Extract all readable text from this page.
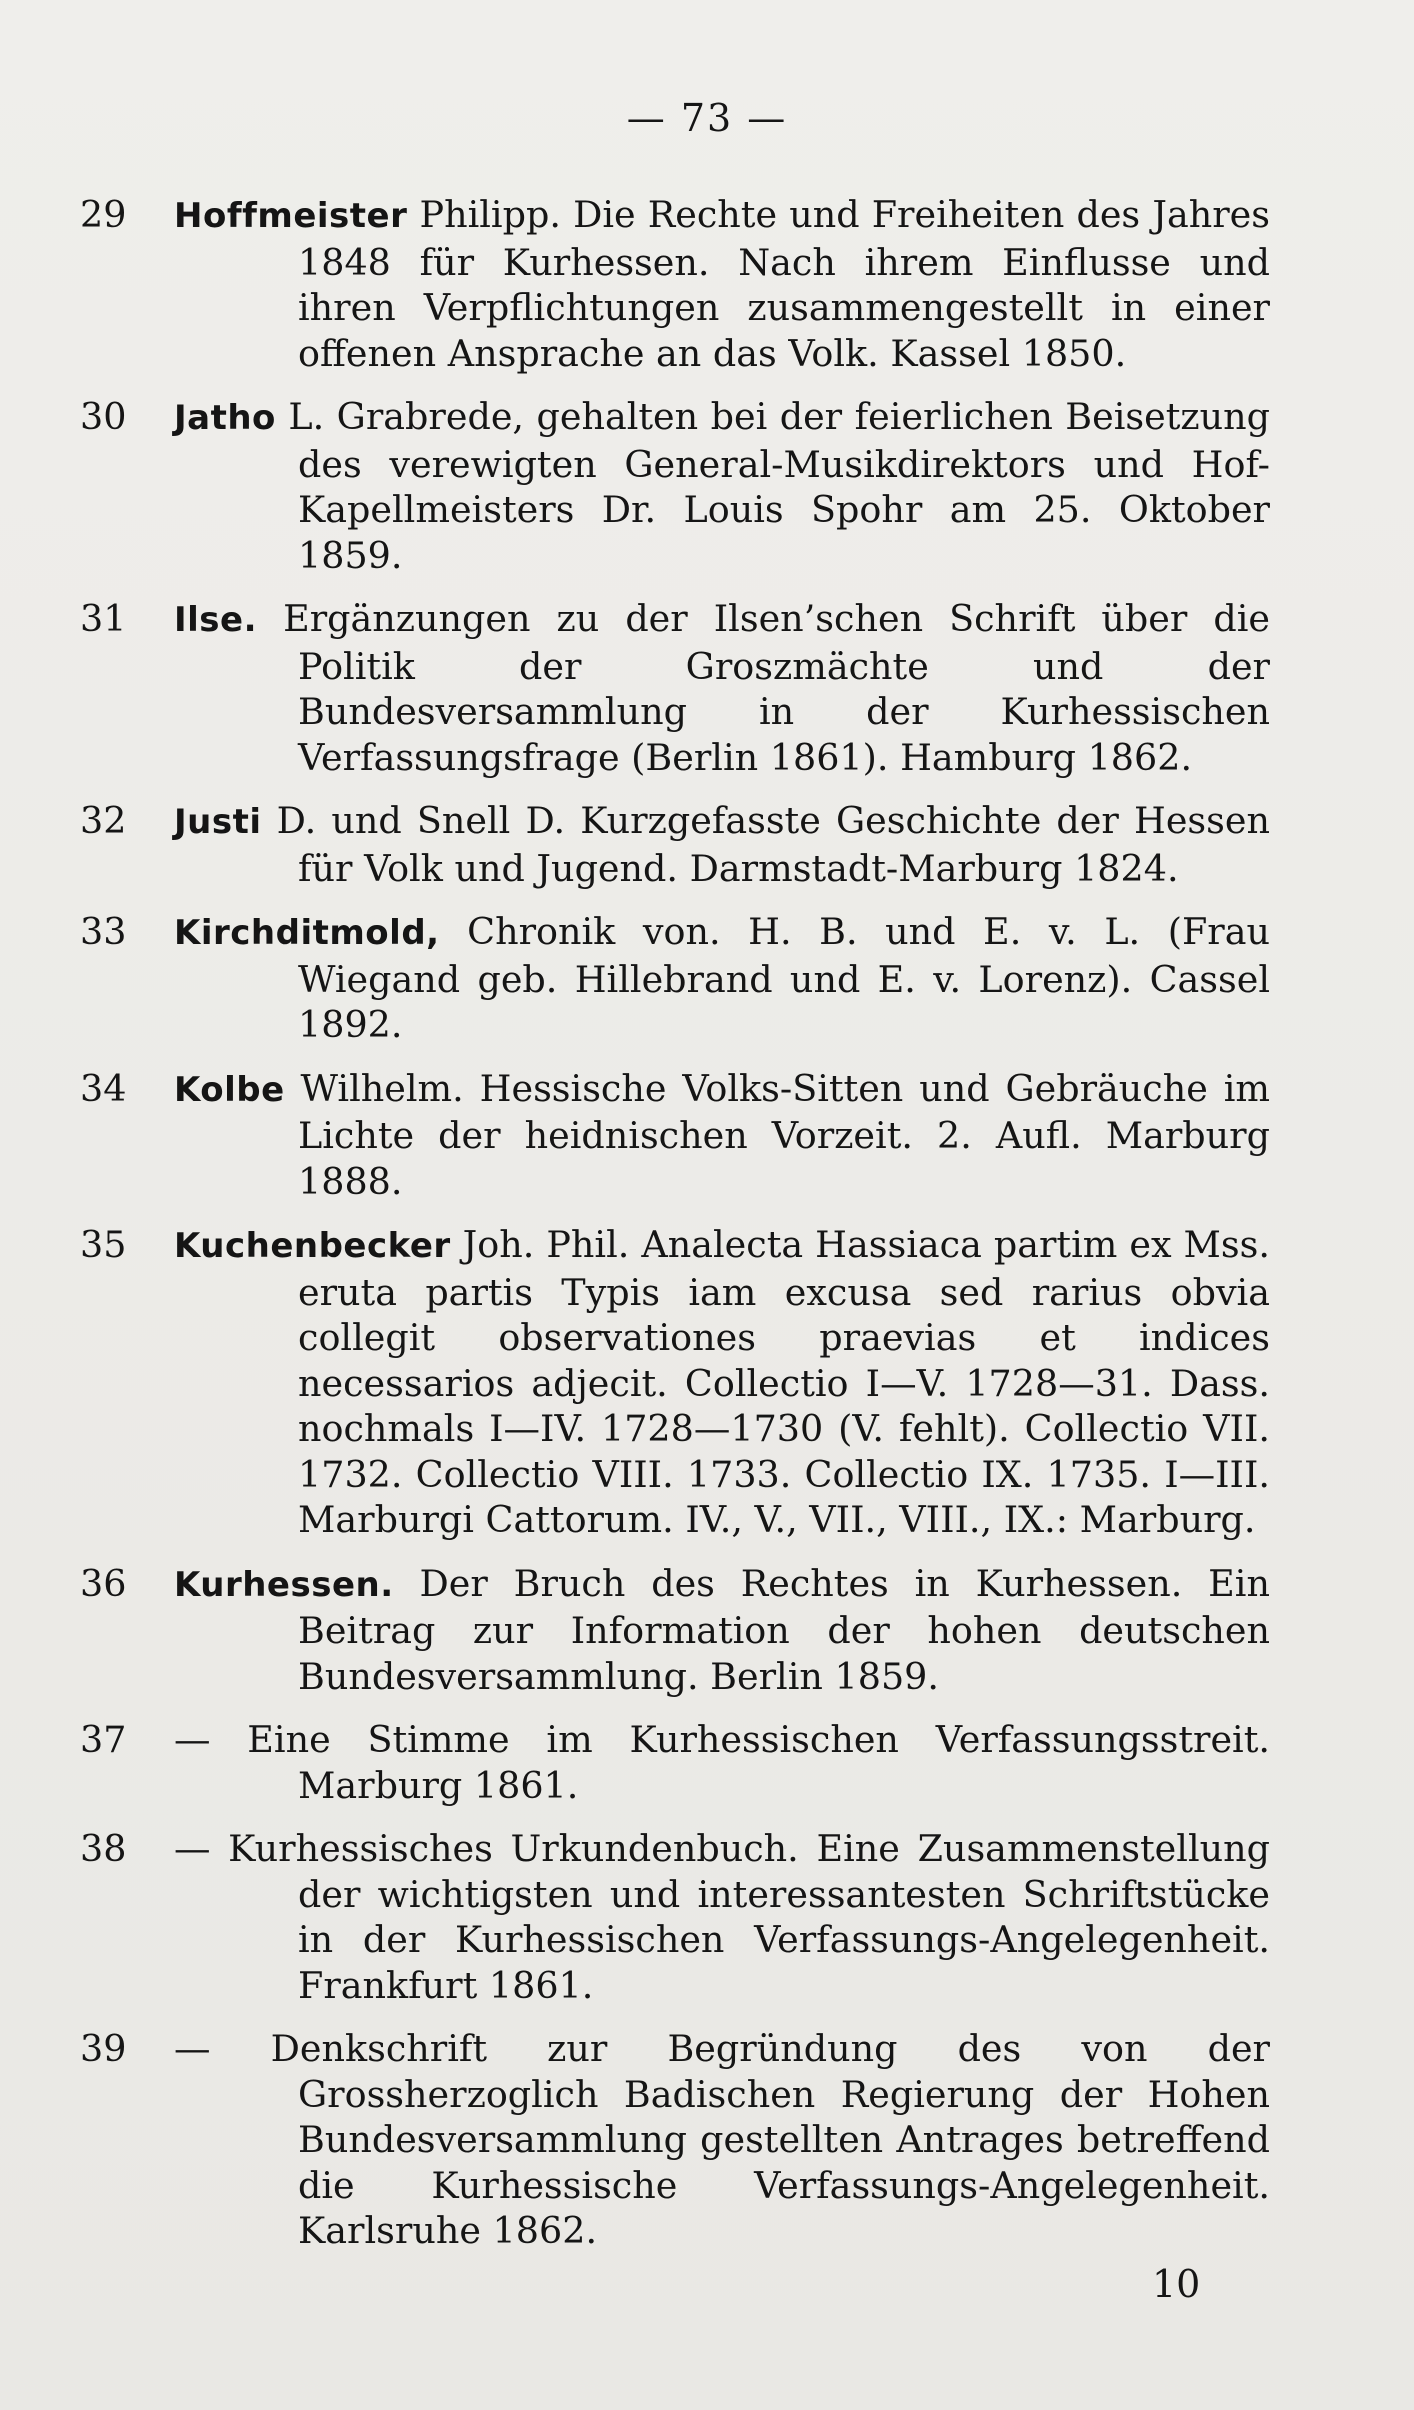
— 73 —
29	Hoffmeister Philipp. Die Rechte und Freiheiten des Jahres 1848 für Kurhessen. Nach ihrem Einflusse und ihren Verpflichtungen zusammengestellt in einer offenen Ansprache an das Volk. Kassel 1850.
30	Jatho L. Grabrede, gehalten bei der feierlichen Beisetzung des verewigten General-Musikdirektors und Hof-Kapellmeisters Dr. Louis Spohr am 25. Oktober 1859.
31	Ilse. Ergänzungen zu der Ilsen’schen Schrift über die Politik der Groszmächte und der Bundesversammlung in der Kurhessischen Verfassungsfrage (Berlin 1861). Hamburg 1862.
32	Justi D. und Snell D. Kurzgefasste Geschichte der Hessen für Volk und Jugend. Darmstadt-Marburg 1824.
33	Kirchditmold, Chronik von. H. B. und E. v. L. (Frau Wiegand geb. Hillebrand und E. v. Lorenz). Cassel 1892.
34	Kolbe Wilhelm. Hessische Volks-Sitten und Gebräuche im Lichte der heidnischen Vorzeit. 2. Aufl. Marburg 1888.
35	Kuchenbecker Joh. Phil. Analecta Hassiaca partim ex Mss. eruta partis Typis iam excusa sed rarius obvia collegit observationes praevias et indices necessarios adjecit. Collectio I—V. 1728—31. Dass. nochmals I—IV. 1728—1730 (V. fehlt). Collectio VII. 1732. Collectio VIII. 1733. Collectio IX. 1735. I—III. Marburgi Cattorum. IV., V., VII., VIII., IX.: Marburg.
36	Kurhessen. Der Bruch des Rechtes in Kurhessen. Ein Beitrag zur Information der hohen deutschen Bundesversammlung. Berlin 1859.
37	— Eine Stimme im Kurhessischen Verfassungsstreit. Marburg 1861.
38	— Kurhessisches Urkundenbuch. Eine Zusammenstellung der wichtigsten und interessantesten Schriftstücke in der Kurhessischen Verfassungs-Angelegenheit. Frankfurt 1861.
39	— Denkschrift zur Begründung des von der Grossherzoglich Badischen Regierung der Hohen Bundesversammlung gestellten Antrages betreffend die Kurhessische Verfassungs-Angelegenheit. Karlsruhe 1862.
10
